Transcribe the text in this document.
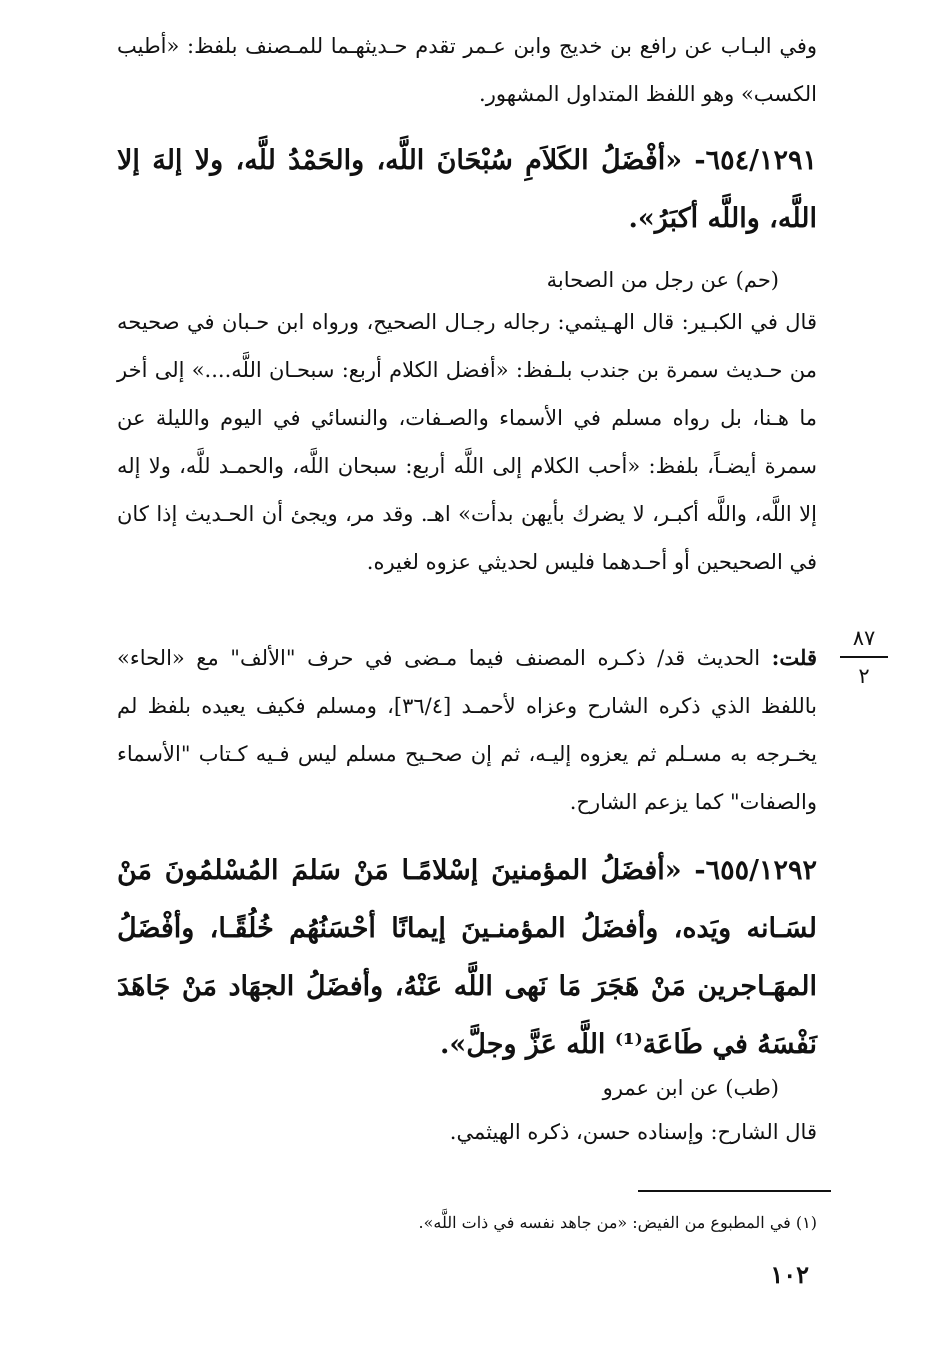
وفي البـاب عن رافع بن خديج وابن عـمر تقدم حـديثهـما للمـصنف بلفظ: «أطيب الكسب» وهو اللفظ المتداول المشهور.

٦٥٤/١٢٩١- «أفْضَلُ الكَلاَمِ سُبْحَانَ اللَّه، والحَمْدُ للَّه، ولا إلهَ إلا اللَّه، واللَّه أكبَرُ».

(حم) عن رجل من الصحابة

قال في الكبـير: قال الهـيثمي: رجاله رجـال الصحيح، ورواه ابن حـبان في صحيحه من حـديث سمرة بن جندب بلـفظ: «أفضل الكلام أربع: سبحـان اللَّه....» إلى أخر ما هـنا، بل رواه مسلم في الأسماء والصـفات، والنسائي في اليوم والليلة عن سمرة أيضـاً، بلفظ: «أحب الكلام إلى اللَّه أربع: سبحان اللَّه، والحمـد للَّه، ولا إله إلا اللَّه، واللَّه أكبـر، لا يضرك بأيهن بدأت» اهـ. وقد مر، ويجئ أن الحـديث إذا كان في الصحيحين أو أحـدهما فليس لحديثي عزوه لغيره.

قلت: الحديث قد/ ذكـره المصنف فيما مـضى في حرف "الألف" مع «الحاء» باللفظ الذي ذكره الشارح وعزاه لأحمـد [٣٦/٤]، ومسلم فكيف يعيده بلفظ لم يخـرجه به مسـلم ثم يعزوه إليـه، ثم إن صحـيح مسلم ليس فـيه كـتاب "الأسماء والصفات" كما يزعم الشارح.

٦٥٥/١٢٩٢- «أفضَلُ المؤمنينَ إسْلامًـا مَنْ سَلمَ المُسْلمُونَ مَنْ لسَـانه ويَده، وأفضَلُ المؤمنـينَ إيمانًا أحْسَنُهُم خُلُقًـا، وأفْضَلُ المهَـاجرين مَنْ هَجَرَ مَا نَهى اللَّه عَنْهُ، وأفضَلُ الجهَاد مَنْ جَاهَدَ نَفْسَهُ في طَاعَة⁽¹⁾ اللَّه عَزَّ وجلَّ».

(طب) عن ابن عمرو

قال الشارح: وإسناده حسن، ذكره الهيثمي.

٨٧
٢

(١) في المطبوع من الفيض: «من جاهد نفسه في ذات اللَّه».

١٠٢
